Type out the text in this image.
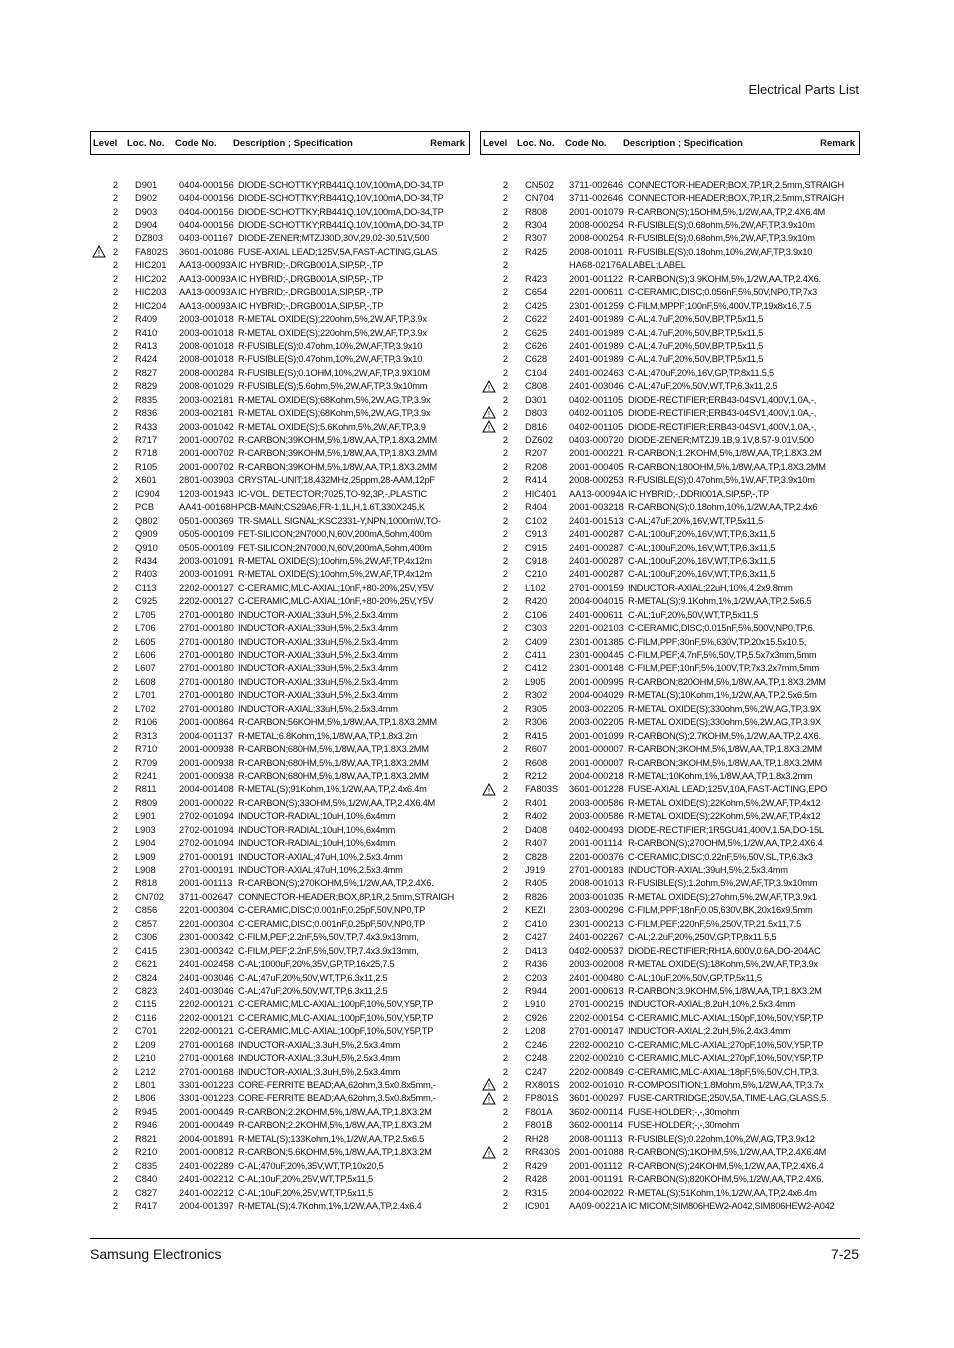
Electrical Parts List
Level Loc. No. Code No. Description ; Specification	Remark
2 D901 0404-000156 DIODE-SCHOTTKY;RB441Q,10V,100mA,DO-34,TP
2 D902 0404-000156 DIODE-SCHOTTKY;RB441Q,10V,100mA,DO-34,TP
2 D903 0404-000156 DIODE-SCHOTTKY;RB441Q,10V,100mA,DO-34,TP
2 D904 0404-000156 DIODE-SCHOTTKY;RB441Q,10V,100mA,DO-34,TP
2 DZ803 0403-001167 DIODE-ZENER;MTZJ30D,30V,29.02-30.51V,500
!	2 FA802S 3601-001086 FUSE-AXIAL LEAD;125V,5A,FAST-ACTING,GLAS
2 HIC201 AA13-00093A IC HYBRID;-,DRGB001A,SIP,5P,-,TP
2 HIC202 AA13-00093A IC HYBRID;-,DRGB001A,SIP,5P,-,TP
2 HIC203 AA13-00093A IC HYBRID;-,DRGB001A,SIP,5P,-,TP
2 HIC204 AA13-00093A IC HYBRID;-,DRGB001A,SIP,5P,-,TP
2 R409 2003-001018 R-METAL OXIDE(S);220ohm,5%,2W,AF,TP,3.9x
2 R410 2003-001018 R-METAL OXIDE(S);220ohm,5%,2W,AF,TP,3.9x
2 R413 2008-001018 R-FUSIBLE(S);0.47ohm,10%,2W,AF,TP,3.9x10
2 R424 2008-001018 R-FUSIBLE(S);0.47ohm,10%,2W,AF,TP,3.9x10
2 R827 2008-000284 R-FUSIBLE(S);0.1OHM,10%,2W,AF,TP,3.9X10M
2 R829 2008-001029 R-FUSIBLE(S);5.6ohm,5%,2W,AF,TP,3.9x10mm
2 R835 2003-002181 R-METAL OXIDE(S);68Kohm,5%,2W,AG,TP,3.9x
2 R836 2003-002181 R-METAL OXIDE(S);68Kohm,5%,2W,AG,TP,3.9x
2 R433 2003-001042 R-METAL OXIDE(S);5.6Kohm,5%,2W,AF,TP,3.9
2 R717 2001-000702 R-CARBON;39KOHM,5%,1/8W,AA,TP,1.8X3.2MM
2 R718 2001-000702 R-CARBON;39KOHM,5%,1/8W,AA,TP,1.8X3.2MM
2 R105 2001-000702 R-CARBON;39KOHM,5%,1/8W,AA,TP,1.8X3.2MM
2 X601 2801-003903 CRYSTAL-UNIT;18.432MHz,25ppm,28-AAM,12pF
2 IC904 1203-001943 IC-VOL. DETECTOR;7025,TO-92,3P,-,PLASTIC
2 PCB	AA41-00168H PCB-MAIN;CS29A6,FR-1,1L,H,1.6T,330X245,K
2 Q802 0501-000369 TR-SMALL SIGNAL;KSC2331-Y,NPN,1000mW,TO-
2 Q909 0505-000109 FET-SILICON;2N7000,N,60V,200mA,5ohm,400m
2 Q910 0505-000109 FET-SILICON;2N7000,N,60V,200mA,5ohm,400m
2 R434 2003-001091 R-METAL OXIDE(S);10ohm,5%,2W,AF,TP,4x12m
2 R403 2003-001091 R-METAL OXIDE(S);10ohm,5%,2W,AF,TP,4x12m
2 C113 2202-000127 C-CERAMIC,MLC-AXIAL;10nF,+80-20%,25V,Y5V
2 C925 2202-000127 C-CERAMIC,MLC-AXIAL;10nF,+80-20%,25V,Y5V
2 L705	2701-000180 INDUCTOR-AXIAL;33uH,5%,2.5x3.4mm
2 L706	2701-000180 INDUCTOR-AXIAL;33uH,5%,2.5x3.4mm
2 L605	2701-000180 INDUCTOR-AXIAL;33uH,5%,2.5x3.4mm
2 L606	2701-000180 INDUCTOR-AXIAL;33uH,5%,2.5x3.4mm
2 L607	2701-000180 INDUCTOR-AXIAL;33uH,5%,2.5x3.4mm
2 L608	2701-000180 INDUCTOR-AXIAL;33uH,5%,2.5x3.4mm
2 L701	2701-000180 INDUCTOR-AXIAL;33uH,5%,2.5x3.4mm
2 L702	2701-000180 INDUCTOR-AXIAL;33uH,5%,2.5x3.4mm
2 R106 2001-000864 R-CARBON;56KOHM,5%,1/8W,AA,TP,1.8X3.2MM
2 R313 2004-001137 R-METAL;6.8Kohm,1%,1/8W,AA,TP,1.8x3.2m
2 R710 2001-000938 R-CARBON;680HM,5%,1/8W,AA,TP,1.8X3.2MM
2 R709 2001-000938 R-CARBON;680HM,5%,1/8W,AA,TP,1.8X3.2MM
2 R241 2001-000938 R-CARBON;680HM,5%,1/8W,AA,TP,1.8X3.2MM
2 R811 2004-001408 R-METAL(S);91Kohm,1%,1/2W,AA,TP,2.4x6.4m
2 R809 2001-000022 R-CARBON(S);33OHM,5%,1/2W,AA,TP,2.4X6.4M
2 L901	2702-001094 INDUCTOR-RADIAL;10uH,10%,6x4mm
2 L903	2702-001094 INDUCTOR-RADIAL;10uH,10%,6x4mm
2 L904	2702-001094 INDUCTOR-RADIAL;10uH,10%,6x4mm
2 L909	2701-000191 INDUCTOR-AXIAL;47uH,10%,2.5x3.4mm
2 L908	2701-000191 INDUCTOR-AXIAL;47uH,10%,2.5x3.4mm
2 R818 2001-001113 R-CARBON(S);270KOHM,5%,1/2W,AA,TP,2.4X6.
2 CN702 3711-002647 CONNECTOR-HEADER;BOX,8P,1R,2.5mm,STRAIGH
2 C856 2201-000304 C-CERAMIC,DISC;0.001nF,0.25pF,50V,NP0,TP
2 C857 2201-000304 C-CERAMIC,DISC;0.001nF,0.25pF,50V,NP0,TP
2 C306 2301-000342 C-FILM,PEF;2.2nF,5%,50V,TP,7.4x3.9x13mm,
2 C415 2301-000342 C-FILM,PEF;2.2nF,5%,50V,TP,7.4x3.9x13mm,
2 C621 2401-002458 C-AL;1000uF,20%,35V,GP,TP,16x25,7.5
2 C824 2401-003046 C-AL;47uF,20%,50V,WT,TP,6.3x11,2.5
2 C823 2401-003046 C-AL;47uF,20%,50V,WT,TP,6.3x11,2.5
2 C115 2202-000121 C-CERAMIC,MLC-AXIAL;100pF,10%,50V,Y5P,TP
2 C116 2202-000121 C-CERAMIC,MLC-AXIAL;100pF,10%,50V,Y5P,TP
2 C701 2202-000121 C-CERAMIC,MLC-AXIAL;100pF,10%,50V,Y5P,TP
2 L209	2701-000168 INDUCTOR-AXIAL;3.3uH,5%,2.5x3.4mm
2 L210	2701-000168 INDUCTOR-AXIAL;3.3uH,5%,2.5x3.4mm
2 L212	2701-000168 INDUCTOR-AXIAL;3.3uH,5%,2.5x3.4mm
2 L801	3301-001223 CORE-FERRITE BEAD;AA,62ohm,3.5x0.8x5mm,-
2 L806	3301-001223 CORE-FERRITE BEAD;AA,62ohm,3.5x0.8x5mm,-
2 R945 2001-000449 R-CARBON;2.2KOHM,5%,1/8W,AA,TP,1.8X3.2M
2 R946 2001-000449 R-CARBON;2.2KOHM,5%,1/8W,AA,TP,1.8X3.2M
2 R821 2004-001891 R-METAL(S);133Kohm,1%,1/2W,AA,TP,2.5x6.5
2 R210 2001-000812 R-CARBON;5.6KOHM,5%,1/8W,AA,TP,1.8X3.2M
2 C835 2401-002289 C-AL;470uF,20%,35V,WT,TP,10x20,5
2 C840 2401-002212 C-AL;10uF,20%,25V,WT,TP,5x11,5
2 C827 2401-002212 C-AL;10uF,20%,25V,WT,TP,5x11,5
2 R417 2004-001397 R-METAL(S);4.7Kohm,1%,1/2W,AA,TP,2.4x6.4
Level Loc. No. Code No. Description ; Specification	Remark
2 CN502 3711-002646 CONNECTOR-HEADER;BOX,7P,1R,2.5mm,STRAIGH
2 CN704 3711-002646 CONNECTOR-HEADER;BOX,7P,1R,2.5mm,STRAIGH
2 R808 2001-001079 R-CARBON(S);15OHM,5%,1/2W,AA,TP,2.4X6.4M
2 R304 2008-000254 R-FUSIBLE(S);0.68ohm,5%,2W,AF,TP,3.9x10m
2 R307 2008-000254 R-FUSIBLE(S);0.68ohm,5%,2W,AF,TP,3.9x10m
2 R425 2008-001011 R-FUSIBLE(S);0.18ohm,10%,2W,AF,TP,3.9x10
2	HA68-02176A LABEL;LABEL
2 R423 2001-001122 R-CARBON(S);3.9KOHM,5%,1/2W,AA,TP,2.4X6.
2 C654 2201-000611 C-CERAMIC,DISC;0.056nF,5%,50V,NP0,TP,7x3
2 C425 2301-001259 C-FILM,MPPF;100nF,5%,400V,TP,19x8x16,7.5
2 C622 2401-001989 C-AL;4.7uF,20%,50V,BP,TP,5x11,5
2 C625 2401-001989 C-AL;4.7uF,20%,50V,BP,TP,5x11,5
2 C626 2401-001989 C-AL;4.7uF,20%,50V,BP,TP,5x11,5
2 C628 2401-001989 C-AL;4.7uF,20%,50V,BP,TP,5x11,5
2 C104 2401-002463 C-AL;470uF,20%,16V,GP,TP,8x11.5,5
!	2 C808 2401-003046 C-AL;47uF,20%,50V,WT,TP,6.3x11,2.5
2 D301 0402-001105 DIODE-RECTIFIER;ERB43-04SV1,400V,1.0A,-,
!	2 D803 0402-001105 DIODE-RECTIFIER;ERB43-04SV1,400V,1.0A,-,
!	2 D816 0402-001105 DIODE-RECTIFIER;ERB43-04SV1,400V,1.0A,-,
2 DZ602 0403-000720 DIODE-ZENER;MTZJ9.1B,9.1V,8.57-9.01V,500
2 R207 2001-000221 R-CARBON;1.2KOHM,5%,1/8W,AA,TP,1.8X3.2M
2 R208 2001-000405 R-CARBON;180OHM,5%,1/8W,AA,TP,1.8X3.2MM
2 R414 2008-000253 R-FUSIBLE(S);0.47ohm,5%,1W,AF,TP,3.9x10m
2 HIC401 AA13-00094A IC HYBRID;-,DDRI001A,SIP,5P,-,TP
2 R404 2001-003218 R-CARBON(S);0.18ohm,10%,1/2W,AA,TP,2.4x6
2 C102 2401-001513 C-AL;47uF,20%,16V,WT,TP,5x11,5
2 C913 2401-000287 C-AL;100uF,20%,16V,WT,TP,6.3x11,5
2 C915 2401-000287 C-AL;100uF,20%,16V,WT,TP,6.3x11,5
2 C918 2401-000287 C-AL;100uF,20%,16V,WT,TP,6.3x11,5
2 C210 2401-000287 C-AL;100uF,20%,16V,WT,TP,6.3x11,5
2 L102	2701-000159 INDUCTOR-AXIAL;22uH,10%,4.2x9.8mm
2 R420 2004-004015 R-METAL(S);9.1Kohm,1%,1/2W,AA,TP,2.5x6.5
2 C106 2401-000611 C-AL;1uF,20%,50V,WT,TP,5x11,5
2 C303 2201-002103 C-CERAMIC,DISC;0.015nF,5%,500V,NP0,TP,6.
2 C409 2301-001385 C-FILM,PPF;30nF,5%,630V,TP,20x15.5x10.5,
2 C411 2301-000445 C-FILM,PEF;4.7nF,5%,50V,TP,5.5x7x3mm,5mm
2 C412 2301-000148 C-FILM,PEF;10nF,5%,100V,TP,7x3.2x7mm,5mm
2 L905	2001-000995 R-CARBON;820OHM,5%,1/8W,AA,TP,1.8X3.2MM
2 R302 2004-004029 R-METAL(S);10Kohm,1%,1/2W,AA,TP,2.5x6.5m
2 R305 2003-002205 R-METAL OXIDE(S);330ohm,5%,2W,AG,TP,3.9X
2 R306 2003-002205 R-METAL OXIDE(S);330ohm,5%,2W,AG,TP,3.9X
2 R415 2001-001099 R-CARBON(S);2.7KOHM,5%,1/2W,AA,TP,2.4X6.
2 R607 2001-000007 R-CARBON;3KOHM,5%,1/8W,AA,TP,1.8X3.2MM
2 R608 2001-000007 R-CARBON;3KOHM,5%,1/8W,AA,TP,1.8X3.2MM
2 R212 2004-000218 R-METAL;10Kohm,1%,1/8W,AA,TP,1.8x3.2mm
!	2 FA803S 3601-001228 FUSE-AXIAL LEAD;125V,10A,FAST-ACTING,EPO
2 R401 2003-000586 R-METAL OXIDE(S);22Kohm,5%,2W,AF,TP,4x12
2 R402 2003-000586 R-METAL OXIDE(S);22Kohm,5%,2W,AF,TP,4x12
2 D408 0402-000493 DIODE-RECTIFIER;1R5GU41,400V,1.5A,DO-15L
2 R407 2001-001114 R-CARBON(S);270OHM,5%,1/2W,AA,TP,2.4X6.4
2 C828 2201-000376 C-CERAMIC,DISC;0.22nF,5%,50V,SL,TP,6.3x3
2 J919	2701-000183 INDUCTOR-AXIAL;39uH,5%,2.5x3.4mm
2 R405 2008-001013 R-FUSIBLE(S);1.2ohm,5%,2W,AF,TP,3.9x10mm
2 R826 2003-001035 R-METAL OXIDE(S);27ohm,5%,2W,AF,TP,3.9x1
2 KEZI	2303-000296 C-FILM,PPF;18nF,0.05,630V,BK,20x16x9.5mm
2 C410 2301-000213 C-FILM,PEF;220nF,5%,250V,TP,21.5x11,7.5
2 C427 2401-002267 C-AL;2.2uF,20%,250V,GP,TP,8x11.5,5
2 D413 0402-000537 DIODE-RECTIFIER;RH1A,600V,0.6A,DO-204AC
2 R436 2003-002008 R-METAL OXIDE(S);18Kohm,5%,2W,AF,TP,3.9x
2 C203 2401-000480 C-AL;10uF,20%,50V,GP,TP,5x11,5
2 R944 2001-000613 R-CARBON;3.9KOHM,5%,1/8W,AA,TP,1.8X3.2M
2 L910	2701-000215 INDUCTOR-AXIAL;8.2uH,10%,2.5x3.4mm
2 C926 2202-000154 C-CERAMIC,MLC-AXIAL;150pF,10%,50V,Y5P,TP
2 L208	2701-000147 INDUCTOR-AXIAL;2.2uH,5%,2.4x3.4mm
2 C246 2202-000210 C-CERAMIC,MLC-AXIAL;270pF,10%,50V,Y5P,TP
2 C248 2202-000210 C-CERAMIC,MLC-AXIAL;270pF,10%,50V,Y5P,TP
2 C247 2202-000849 C-CERAMIC,MLC-AXIAL;18pF,5%,50V,CH,TP,3.
!	2 RX801S 2002-001010 R-COMPOSITION;1.8Mohm,5%,1/2W,AA,TP,3.7x
!	2 FP801S 3601-000297 FUSE-CARTRIDGE;250V,5A,TIME-LAG,GLASS,5.
2 F801A 3602-000114 FUSE-HOLDER;-,-,30mohm
2 F801B 3602-000114 FUSE-HOLDER;-,-,30mohm
2 RH28 2008-001113 R-FUSIBLE(S);0.22ohm,10%,2W,AG,TP,3.9x12
!	2 RR430S 2001-001088 R-CARBON(S);1KOHM,5%,1/2W,AA,TP,2.4X6.4M
2 R429 2001-001112 R-CARBON(S);24KOHM,5%,1/2W,AA,TP,2.4X6.4
2 R428 2001-001191 R-CARBON(S);820KOHM,5%,1/2W,AA,TP,2.4X6.
2 R315 2004-002022 R-METAL(S);51Kohm,1%,1/2W,AA,TP,2.4x6.4m
2 IC901 AA09-00221A IC MICOM;SIM806HEW2-A042,SIM806HEW2-A042
Samsung Electronics	7-25
